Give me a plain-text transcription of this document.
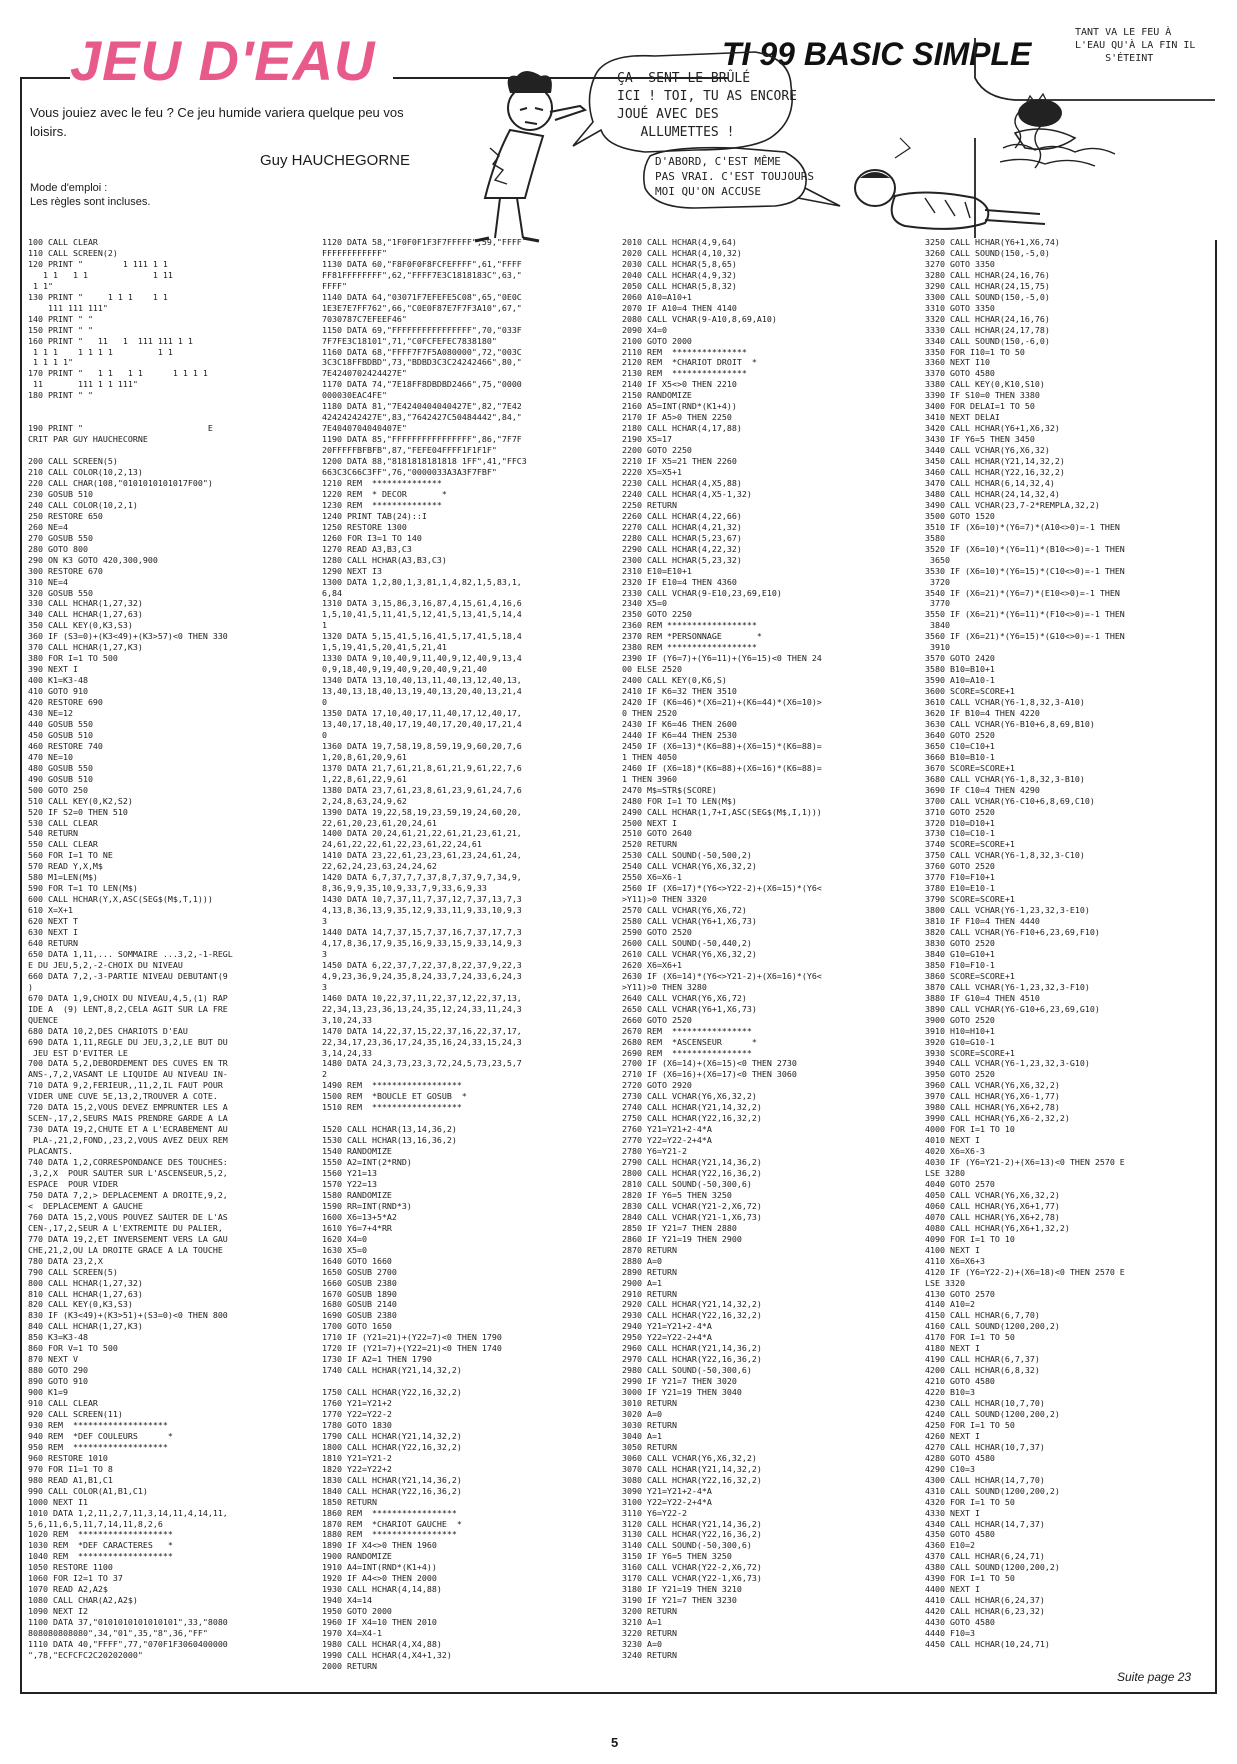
JEU D'EAU	TI 99 BASIC SIMPLE
Vous jouiez avec le feu ? Ce jeu humide variera quelque peu vos loisirs.
Guy HAUCHEGORNE
Mode d'emploi :
Les règles sont incluses.
ÇA  SENT LE BRÛLÉ
ICI ! TOI, TU AS ENCORE
JOUÉ AVEC DES
ALLUMETTES !
D'ABORD, C'EST MÊME
PAS VRAI. C'EST TOUJOURS
MOI QU'ON ACCUSE
TANT VA LE FEU À
L'EAU QU'À LA FIN IL
S'ÉTEINT
100 CALL CLEAR
110 CALL SCREEN(2)
120 PRINT "        1 111 1 1
1 1   1 1             1 11
1 1"
130 PRINT "     1 1 1    1 1
111 111 111"
140 PRINT " "
150 PRINT " "
160 PRINT "   11   1  111 111 1 1
1 1 1    1 1 1 1         1 1
1 1 1 1"
170 PRINT "   1 1   1 1      1 1 1 1
11       111 1 1 111"
180 PRINT " "

190 PRINT "                         E
CRIT PAR GUY HAUCHECORNE

200 CALL SCREEN(5)
210 CALL COLOR(10,2,13)
220 CALL CHAR(108,"0101010101017F00")
230 GOSUB 510
240 CALL COLOR(10,2,1)
250 RESTORE 650
260 NE=4
270 GOSUB 550
280 GOTO 800
290 ON K3 GOTO 420,300,900
300 RESTORE 670
310 NE=4
320 GOSUB 550
330 CALL HCHAR(1,27,32)
340 CALL HCHAR(1,27,63)
350 CALL KEY(0,K3,S3)
360 IF (S3=0)+(K3<49)+(K3>57)<0 THEN 330
370 CALL HCHAR(1,27,K3)
380 FOR I=1 TO 500
390 NEXT I
400 K1=K3-48
410 GOTO 910
420 RESTORE 690
430 NE=12
440 GOSUB 550
450 GOSUB 510
460 RESTORE 740
470 NE=10
480 GOSUB 550
490 GOSUB 510
500 GOTO 250
510 CALL KEY(0,K2,S2)
520 IF S2=0 THEN 510
530 CALL CLEAR
540 RETURN
550 CALL CLEAR
560 FOR I=1 TO NE
570 READ Y,X,M$
580 M1=LEN(M$)
590 FOR T=1 TO LEN(M$)
600 CALL HCHAR(Y,X,ASC(SEG$(M$,T,1)))
610 X=X+1
620 NEXT T
630 NEXT I
640 RETURN
650 DATA 1,11,... SOMMAIRE ...3,2,-1-REGL
E DU JEU,5,2,-2-CHOIX DU NIVEAU
660 DATA 7,2,-3-PARTIE NIVEAU DEBUTANT(9
)
670 DATA 1,9,CHOIX DU NIVEAU,4,5,(1) RAP
IDE A  (9) LENT,8,2,CELA AGIT SUR LA FRE
QUENCE
680 DATA 10,2,DES CHARIOTS D'EAU
690 DATA 1,11,REGLE DU JEU,3,2,LE BUT DU
JEU EST D'EVITER LE
700 DATA 5,2,DEBORDEMENT DES CUVES EN TR
ANS-,7,2,VASANT LE LIQUIDE AU NIVEAU IN-
710 DATA 9,2,FERIEUR,,11,2,IL FAUT POUR
VIDER UNE CUVE 5E,13,2,TROUVER A COTE.
720 DATA 15,2,VOUS DEVEZ EMPRUNTER LES A
SCEN-,17,2,SEURS MAIS PRENDRE GARDE A LA
730 DATA 19,2,CHUTE ET A L'ECRABEMENT AU
PLA-,21,2,FOND,,23,2,VOUS AVEZ DEUX REM
PLACANTS.
740 DATA 1,2,CORRESPONDANCE DES TOUCHES:
,3,2,X  POUR SAUTER SUR L'ASCENSEUR,5,2,
ESPACE  POUR VIDER
750 DATA 7,2,> DEPLACEMENT A DROITE,9,2,
<  DEPLACEMENT A GAUCHE
760 DATA 15,2,VOUS POUVEZ SAUTER DE L'AS
CEN-,17,2,SEUR A L'EXTREMITE DU PALIER,
770 DATA 19,2,ET INVERSEMENT VERS LA GAU
CHE,21,2,OU LA DROITE GRACE A LA TOUCHE
780 DATA 23,2,X
790 CALL SCREEN(5)
800 CALL HCHAR(1,27,32)
810 CALL HCHAR(1,27,63)
820 CALL KEY(0,K3,S3)
830 IF (K3<49)+(K3>51)+(S3=0)<0 THEN 800
840 CALL HCHAR(1,27,K3)
850 K3=K3-48
860 FOR V=1 TO 500
870 NEXT V
880 GOTO 290
890 GOTO 910
900 K1=9
910 CALL CLEAR
920 CALL SCREEN(11)
930 REM  *******************
940 REM  *DEF COULEURS      *
950 REM  *******************
960 RESTORE 1010
970 FOR I1=1 TO 8
980 READ A1,B1,C1
990 CALL COLOR(A1,B1,C1)
1000 NEXT I1
1010 DATA 1,2,11,2,7,11,3,14,11,4,14,11,
5,6,11,6,5,11,7,14,11,8,2,6
1020 REM  *******************
1030 REM  *DEF CARACTERES   *
1040 REM  *******************
1050 RESTORE 1100
1060 FOR I2=1 TO 37
1070 READ A2,A2$
1080 CALL CHAR(A2,A2$)
1090 NEXT I2
1100 DATA 37,"0101010101010101",33,"8080
808080808080",34,"01",35,"8",36,"FF"
1110 DATA 40,"FFFF",77,"070F1F3060400000
",78,"ECFCFC2C20202000"
1120 DATA 58,"1F0F0F1F3F7FFFFF",59,"FFFF
FFFFFFFFFFFF"
1130 DATA 60,"F8F0F0F8FCFEFFFF",61,"FFFF
FF81FFFFFFFF",62,"FFFF7E3C1818183C",63,"
FFFF"
1140 DATA 64,"03071F7EFEFE5C08",65,"0E0C
1E3E7E7FF762",66,"C0E0F87E7F7F3A10",67,"
7030787C7EFEEF46"
1150 DATA 69,"FFFFFFFFFFFFFFFF",70,"033F
7F7FE3C18101",71,"C0FCFEFEC7838180"
1160 DATA 68,"FFFF7F7F5A080000",72,"003C
3C3C18FFBDBD",73,"BDBD3C3C24242466",80,"
7E4240702424427E"
1170 DATA 74,"7E18FF8DBDBD2466",75,"0000
000030EAC4FE"
1180 DATA 81,"7E4240404040427E",82,"7E42
42424242427E",83,"7642427C50484442",84,"
7E4040704040407E"
1190 DATA 85,"FFFFFFFFFFFFFFFF",86,"7F7F
20FFFFFBFBFB",87,"FEFE04FFFF1F1F1F"
1200 DATA 88,"8181818181818 1FF",41,"FFC3
663C3C66C3FF",76,"0000033A3A3F7FBF"
1210 REM  **************
1220 REM  * DECOR       *
1230 REM  **************
1240 PRINT TAB(24)::I
1250 RESTORE 1300
1260 FOR I3=1 TO 140
1270 READ A3,B3,C3
1280 CALL HCHAR(A3,B3,C3)
1290 NEXT I3
1300 DATA 1,2,80,1,3,81,1,4,82,1,5,83,1,
6,84
1310 DATA 3,15,86,3,16,87,4,15,61,4,16,6
1,5,10,41,5,11,41,5,12,41,5,13,41,5,14,4
1
1320 DATA 5,15,41,5,16,41,5,17,41,5,18,4
1,5,19,41,5,20,41,5,21,41
1330 DATA 9,10,40,9,11,40,9,12,40,9,13,4
0,9,18,40,9,19,40,9,20,40,9,21,40
1340 DATA 13,10,40,13,11,40,13,12,40,13,
13,40,13,18,40,13,19,40,13,20,40,13,21,4
0
1350 DATA 17,10,40,17,11,40,17,12,40,17,
13,40,17,18,40,17,19,40,17,20,40,17,21,4
0
1360 DATA 19,7,58,19,8,59,19,9,60,20,7,6
1,20,8,61,20,9,61
1370 DATA 21,7,61,21,8,61,21,9,61,22,7,6
1,22,8,61,22,9,61
1380 DATA 23,7,61,23,8,61,23,9,61,24,7,6
2,24,8,63,24,9,62
1390 DATA 19,22,58,19,23,59,19,24,60,20,
22,61,20,23,61,20,24,61
1400 DATA 20,24,61,21,22,61,21,23,61,21,
24,61,22,22,61,22,23,61,22,24,61
1410 DATA 23,22,61,23,23,61,23,24,61,24,
22,62,24,23,63,24,24,62
1420 DATA 6,7,37,7,7,37,8,7,37,9,7,34,9,
8,36,9,9,35,10,9,33,7,9,33,6,9,33
1430 DATA 10,7,37,11,7,37,12,7,37,13,7,3
4,13,8,36,13,9,35,12,9,33,11,9,33,10,9,3
3
1440 DATA 14,7,37,15,7,37,16,7,37,17,7,3
4,17,8,36,17,9,35,16,9,33,15,9,33,14,9,3
3
1450 DATA 6,22,37,7,22,37,8,22,37,9,22,3
4,9,23,36,9,24,35,8,24,33,7,24,33,6,24,3
3
1460 DATA 10,22,37,11,22,37,12,22,37,13,
22,34,13,23,36,13,24,35,12,24,33,11,24,3
3,10,24,33
1470 DATA 14,22,37,15,22,37,16,22,37,17,
22,34,17,23,36,17,24,35,16,24,33,15,24,3
3,14,24,33
1480 DATA 24,3,73,23,3,72,24,5,73,23,5,7
2
1490 REM  ******************
1500 REM  *BOUCLE ET GOSUB  *
1510 REM  ******************

1520 CALL HCHAR(13,14,36,2)
1530 CALL HCHAR(13,16,36,2)
1540 RANDOMIZE
1550 A2=INT(2*RND)
1560 Y21=13
1570 Y22=13
1580 RANDOMIZE
1590 RR=INT(RND*3)
1600 X6=13+5*A2
1610 Y6=7+4*RR
1620 X4=0
1630 X5=0
1640 GOTO 1660
1650 GOSUB 2700
1660 GOSUB 2380
1670 GOSUB 1890
1680 GOSUB 2140
1690 GOSUB 2380
1700 GOTO 1650
1710 IF (Y21=21)+(Y22=7)<0 THEN 1790
1720 IF (Y21=7)+(Y22=21)<0 THEN 1740
1730 IF A2=1 THEN 1790
1740 CALL HCHAR(Y21,14,32,2)

1750 CALL HCHAR(Y22,16,32,2)
1760 Y21=Y21+2
1770 Y22=Y22-2
1780 GOTO 1830
1790 CALL HCHAR(Y21,14,32,2)
1800 CALL HCHAR(Y22,16,32,2)
1810 Y21=Y21-2
1820 Y22=Y22+2
1830 CALL HCHAR(Y21,14,36,2)
1840 CALL HCHAR(Y22,16,36,2)
1850 RETURN
1860 REM  *****************
1870 REM  *CHARIOT GAUCHE  *
1880 REM  *****************
1890 IF X4<>0 THEN 1960
1900 RANDOMIZE
1910 A4=INT(RND*(K1+4))
1920 IF A4<>0 THEN 2000
1930 CALL HCHAR(4,14,88)
1940 X4=14
1950 GOTO 2000
1960 IF X4=10 THEN 2010
1970 X4=X4-1
1980 CALL HCHAR(4,X4,88)
1990 CALL HCHAR(4,X4+1,32)
2000 RETURN
2010 CALL HCHAR(4,9,64)
2020 CALL HCHAR(4,10,32)
2030 CALL HCHAR(5,8,65)
2040 CALL HCHAR(4,9,32)
2050 CALL HCHAR(5,8,32)
2060 A10=A10+1
2070 IF A10=4 THEN 4140
2080 CALL VCHAR(9-A10,8,69,A10)
2090 X4=0
2100 GOTO 2000
2110 REM  ***************
2120 REM  *CHARIOT DROIT  *
2130 REM  ***************
2140 IF X5<>0 THEN 2210
2150 RANDOMIZE
2160 A5=INT(RND*(K1+4))
2170 IF A5>0 THEN 2250
2180 CALL HCHAR(4,17,88)
2190 X5=17
2200 GOTO 2250
2210 IF X5=21 THEN 2260
2220 X5=X5+1
2230 CALL HCHAR(4,X5,88)
2240 CALL HCHAR(4,X5-1,32)
2250 RETURN
2260 CALL HCHAR(4,22,66)
2270 CALL HCHAR(4,21,32)
2280 CALL HCHAR(5,23,67)
2290 CALL HCHAR(4,22,32)
2300 CALL HCHAR(5,23,32)
2310 E10=E10+1
2320 IF E10=4 THEN 4360
2330 CALL VCHAR(9-E10,23,69,E10)
2340 X5=0
2350 GOTO 2250
2360 REM ******************
2370 REM *PERSONNAGE       *
2380 REM ******************
2390 IF (Y6=7)+(Y6=11)+(Y6=15)<0 THEN 24
00 ELSE 2520
2400 CALL KEY(0,K6,S)
2410 IF K6=32 THEN 3510
2420 IF (K6=46)*(X6=21)+(K6=44)*(X6=10)>
0 THEN 2520
2430 IF K6=46 THEN 2600
2440 IF K6=44 THEN 2530
2450 IF (X6=13)*(K6=88)+(X6=15)*(K6=88)=
1 THEN 4050
2460 IF (X6=18)*(K6=88)+(X6=16)*(K6=88)=
1 THEN 3960
2470 M$=STR$(SCORE)
2480 FOR I=1 TO LEN(M$)
2490 CALL HCHAR(1,7+I,ASC(SEG$(M$,I,1)))
2500 NEXT I
2510 GOTO 2640
2520 RETURN
2530 CALL SOUND(-50,500,2)
2540 CALL VCHAR(Y6,X6,32,2)
2550 X6=X6-1
2560 IF (X6=17)*(Y6<>Y22-2)+(X6=15)*(Y6<
>Y11)>0 THEN 3320
2570 CALL VCHAR(Y6,X6,72)
2580 CALL VCHAR(Y6+1,X6,73)
2590 GOTO 2520
2600 CALL SOUND(-50,440,2)
2610 CALL VCHAR(Y6,X6,32,2)
2620 X6=X6+1
2630 IF (X6=14)*(Y6<>Y21-2)+(X6=16)*(Y6<
>Y11)>0 THEN 3280
2640 CALL VCHAR(Y6,X6,72)
2650 CALL VCHAR(Y6+1,X6,73)
2660 GOTO 2520
2670 REM  ****************
2680 REM  *ASCENSEUR      *
2690 REM  ****************
2700 IF (X6=14)+(X6=15)<0 THEN 2730
2710 IF (X6=16)+(X6=17)<0 THEN 3060
2720 GOTO 2920
2730 CALL VCHAR(Y6,X6,32,2)
2740 CALL HCHAR(Y21,14,32,2)
2750 CALL HCHAR(Y22,16,32,2)
2760 Y21=Y21+2-4*A
2770 Y22=Y22-2+4*A
2780 Y6=Y21-2
2790 CALL HCHAR(Y21,14,36,2)
2800 CALL HCHAR(Y22,16,36,2)
2810 CALL SOUND(-50,300,6)
2820 IF Y6=5 THEN 3250
2830 CALL VCHAR(Y21-2,X6,72)
2840 CALL VCHAR(Y21-1,X6,73)
2850 IF Y21=7 THEN 2880
2860 IF Y21=19 THEN 2900
2870 RETURN
2880 A=0
2890 RETURN
2900 A=1
2910 RETURN
2920 CALL HCHAR(Y21,14,32,2)
2930 CALL HCHAR(Y22,16,32,2)
2940 Y21=Y21+2-4*A
2950 Y22=Y22-2+4*A
2960 CALL HCHAR(Y21,14,36,2)
2970 CALL HCHAR(Y22,16,36,2)
2980 CALL SOUND(-50,300,6)
2990 IF Y21=7 THEN 3020
3000 IF Y21=19 THEN 3040
3010 RETURN
3020 A=0
3030 RETURN
3040 A=1
3050 RETURN
3060 CALL VCHAR(Y6,X6,32,2)
3070 CALL HCHAR(Y21,14,32,2)
3080 CALL HCHAR(Y22,16,32,2)
3090 Y21=Y21+2-4*A
3100 Y22=Y22-2+4*A
3110 Y6=Y22-2
3120 CALL HCHAR(Y21,14,36,2)
3130 CALL HCHAR(Y22,16,36,2)
3140 CALL SOUND(-50,300,6)
3150 IF Y6=5 THEN 3250
3160 CALL VCHAR(Y22-2,X6,72)
3170 CALL VCHAR(Y22-1,X6,73)
3180 IF Y21=19 THEN 3210
3190 IF Y21=7 THEN 3230
3200 RETURN
3210 A=1
3220 RETURN
3230 A=0
3240 RETURN
3250 CALL HCHAR(Y6+1,X6,74)
3260 CALL SOUND(150,-5,0)
3270 GOTO 3350
3280 CALL HCHAR(24,16,76)
3290 CALL HCHAR(24,15,75)
3300 CALL SOUND(150,-5,0)
3310 GOTO 3350
3320 CALL HCHAR(24,16,76)
3330 CALL HCHAR(24,17,78)
3340 CALL SOUND(150,-6,0)
3350 FOR I10=1 TO 50
3360 NEXT I10
3370 GOTO 4580
3380 CALL KEY(0,K10,S10)
3390 IF S10=0 THEN 3380
3400 FOR DELAI=1 TO 50
3410 NEXT DELAI
3420 CALL HCHAR(Y6+1,X6,32)
3430 IF Y6=5 THEN 3450
3440 CALL VCHAR(Y6,X6,32)
3450 CALL HCHAR(Y21,14,32,2)
3460 CALL HCHAR(Y22,16,32,2)
3470 CALL HCHAR(6,14,32,4)
3480 CALL HCHAR(24,14,32,4)
3490 CALL VCHAR(23,7-2*REMPLA,32,2)
3500 GOTO 1520
3510 IF (X6=10)*(Y6=7)*(A10<>0)=-1 THEN
3580
3520 IF (X6=10)*(Y6=11)*(B10<>0)=-1 THEN
3650
3530 IF (X6=10)*(Y6=15)*(C10<>0)=-1 THEN
3720
3540 IF (X6=21)*(Y6=7)*(E10<>0)=-1 THEN
3770
3550 IF (X6=21)*(Y6=11)*(F10<>0)=-1 THEN
3840
3560 IF (X6=21)*(Y6=15)*(G10<>0)=-1 THEN
3910
3570 GOTO 2420
3580 B10=B10+1
3590 A10=A10-1
3600 SCORE=SCORE+1
3610 CALL VCHAR(Y6-1,8,32,3-A10)
3620 IF B10=4 THEN 4220
3630 CALL VCHAR(Y6-B10+6,8,69,B10)
3640 GOTO 2520
3650 C10=C10+1
3660 B10=B10-1
3670 SCORE=SCORE+1
3680 CALL VCHAR(Y6-1,8,32,3-B10)
3690 IF C10=4 THEN 4290
3700 CALL VCHAR(Y6-C10+6,8,69,C10)
3710 GOTO 2520
3720 D10=D10+1
3730 C10=C10-1
3740 SCORE=SCORE+1
3750 CALL VCHAR(Y6-1,8,32,3-C10)
3760 GOTO 2520
3770 F10=F10+1
3780 E10=E10-1
3790 SCORE=SCORE+1
3800 CALL VCHAR(Y6-1,23,32,3-E10)
3810 IF F10=4 THEN 4440
3820 CALL VCHAR(Y6-F10+6,23,69,F10)
3830 GOTO 2520
3840 G10=G10+1
3850 F10=F10-1
3860 SCORE=SCORE+1
3870 CALL VCHAR(Y6-1,23,32,3-F10)
3880 IF G10=4 THEN 4510
3890 CALL VCHAR(Y6-G10+6,23,69,G10)
3900 GOTO 2520
3910 H10=H10+1
3920 G10=G10-1
3930 SCORE=SCORE+1
3940 CALL VCHAR(Y6-1,23,32,3-G10)
3950 GOTO 2520
3960 CALL VCHAR(Y6,X6,32,2)
3970 CALL HCHAR(Y6,X6-1,77)
3980 CALL HCHAR(Y6,X6+2,78)
3990 CALL HCHAR(Y6,X6-2,32,2)
4000 FOR I=1 TO 10
4010 NEXT I
4020 X6=X6-3
4030 IF (Y6=Y21-2)+(X6=13)<0 THEN 2570 E
LSE 3280
4040 GOTO 2570
4050 CALL VCHAR(Y6,X6,32,2)
4060 CALL HCHAR(Y6,X6+1,77)
4070 CALL HCHAR(Y6,X6+2,78)
4080 CALL HCHAR(Y6,X6+1,32,2)
4090 FOR I=1 TO 10
4100 NEXT I
4110 X6=X6+3
4120 IF (Y6=Y22-2)+(X6=18)<0 THEN 2570 E
LSE 3320
4130 GOTO 2570
4140 A10=2
4150 CALL HCHAR(6,7,70)
4160 CALL SOUND(1200,200,2)
4170 FOR I=1 TO 50
4180 NEXT I
4190 CALL HCHAR(6,7,37)
4200 CALL HCHAR(6,8,32)
4210 GOTO 4580
4220 B10=3
4230 CALL HCHAR(10,7,70)
4240 CALL SOUND(1200,200,2)
4250 FOR I=1 TO 50
4260 NEXT I
4270 CALL HCHAR(10,7,37)
4280 GOTO 4580
4290 C10=3
4300 CALL HCHAR(14,7,70)
4310 CALL SOUND(1200,200,2)
4320 FOR I=1 TO 50
4330 NEXT I
4340 CALL HCHAR(14,7,37)
4350 GOTO 4580
4360 E10=2
4370 CALL HCHAR(6,24,71)
4380 CALL SOUND(1200,200,2)
4390 FOR I=1 TO 50
4400 NEXT I
4410 CALL HCHAR(6,24,37)
4420 CALL HCHAR(6,23,32)
4430 GOTO 4580
4440 F10=3
4450 CALL HCHAR(10,24,71)
Suite page 23
5
